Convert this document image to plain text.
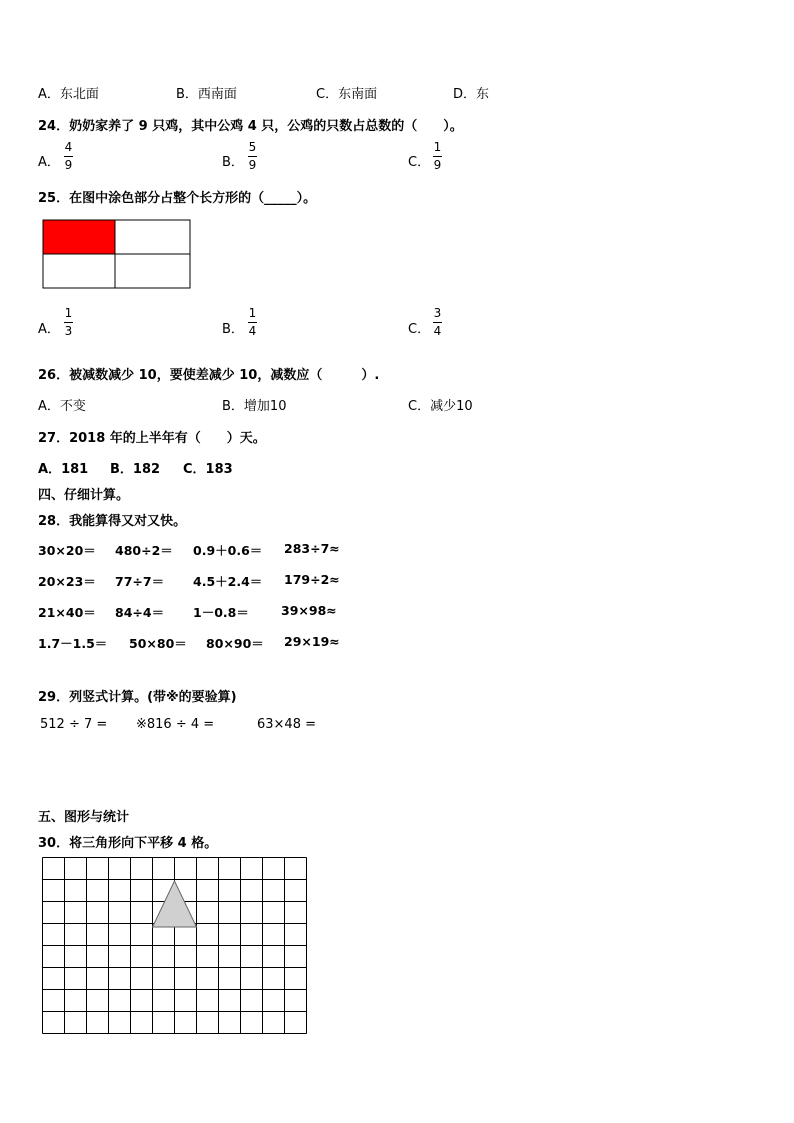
A．东北面	B．西南面	C．东南面	D．东
24．奶奶家养了 9 只鸡，其中公鸡 4 只，公鸡的只数占总数的（　　）。
A．
4
9	B．
5
9	C．
1
9
25．在图中涂色部分占整个长方形的（_____）。
A．
1
3	B．
1
4	C．
3
4
26．被减数减少 10，要使差减少 10，减数应（　　　）.
A．不变	B．增加10	C．减少10
27．2018 年的上半年有（　　）天。
A．181 B．182 C．183
四、仔细计算。
28．我能算得又对又快。
30×20＝ 480÷2＝ 0.9＋0.6＝ 283÷7≈
20×23＝ 77÷7＝ 4.5＋2.4＝ 179÷2≈
21×40＝ 84÷4＝ 1－0.8＝	39×98≈
1.7－1.5＝ 50×80＝ 80×90＝ 29×19≈
29．列竖式计算。(带※的要验算)
512 ÷ 7 = ※816 ÷ 4 =	63×48 =
五、图形与统计
30．将三角形向下平移 4 格。
